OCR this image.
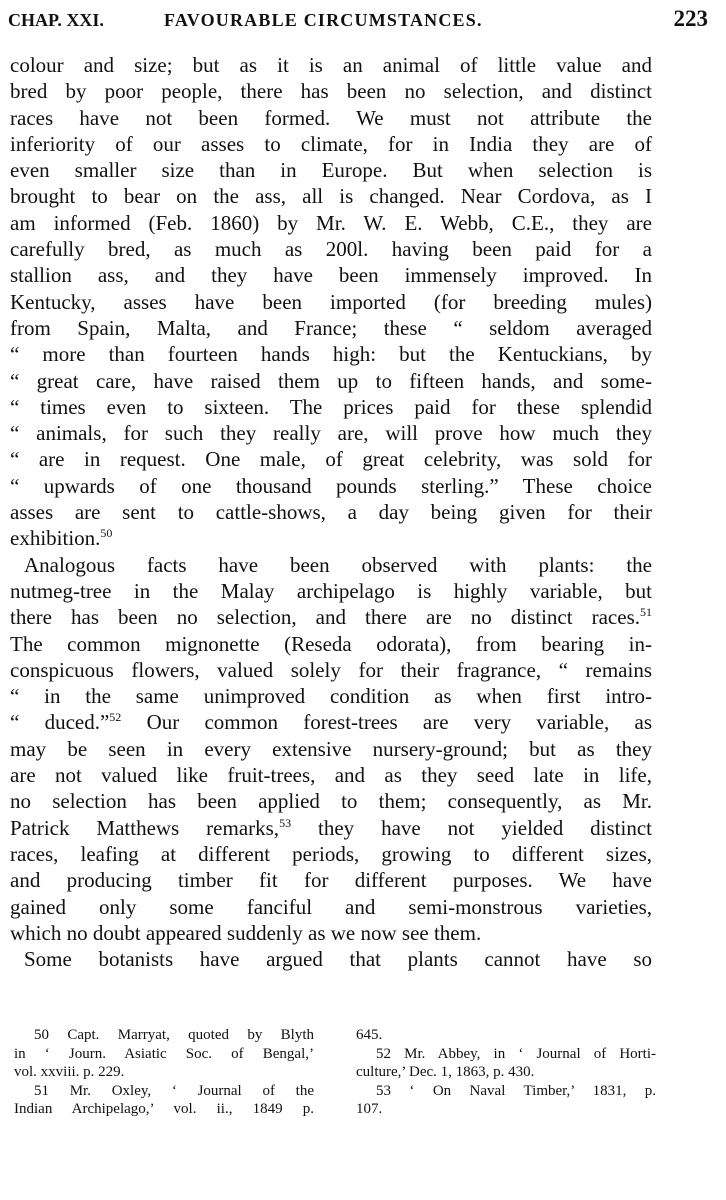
CHAP. XXI.	FAVOURABLE CIRCUMSTANCES.	223
colour and size; but as it is an animal of little value and
bred by poor people, there has been no selection, and distinct
races have not been formed. We must not attribute the
inferiority of our asses to climate, for in India they are of
even smaller size than in Europe. But when selection is
brought to bear on the ass, all is changed. Near Cordova, as I
am informed (Feb. 1860) by Mr. W. E. Webb, C.E., they are
carefully bred, as much as 200l. having been paid for a
stallion ass, and they have been immensely improved. In
Kentucky, asses have been imported (for breeding mules)
from Spain, Malta, and France; these “ seldom averaged
“ more than fourteen hands high: but the Kentuckians, by
“ great care, have raised them up to fifteen hands, and some-
“ times even to sixteen. The prices paid for these splendid
“ animals, for such they really are, will prove how much they
“ are in request. One male, of great celebrity, was sold for
“ upwards of one thousand pounds sterling.” These choice
asses are sent to cattle-shows, a day being given for their
exhibition.$^{50}$
Analogous facts have been observed with plants: the
nutmeg-tree in the Malay archipelago is highly variable, but
there has been no selection, and there are no distinct races.$^{51}$
The common mignonette (Reseda odorata), from bearing in-
conspicuous flowers, valued solely for their fragrance, “ remains
“ in the same unimproved condition as when first intro-
“ duced.”$^{52}$ Our common forest-trees are very variable, as
may be seen in every extensive nursery-ground; but as they
are not valued like fruit-trees, and as they seed late in life,
no selection has been applied to them; consequently, as Mr.
Patrick Matthews remarks,$^{53}$ they have not yielded distinct
races, leafing at different periods, growing to different sizes,
and producing timber fit for different purposes. We have
gained only some fanciful and semi-monstrous varieties,
which no doubt appeared suddenly as we now see them.
Some botanists have argued that plants cannot have so
50 Capt. Marryat, quoted by Blyth
in ‘ Journ. Asiatic Soc. of Bengal,’
vol. xxviii. p. 229.
51 Mr. Oxley, ‘ Journal of the
Indian Archipelago,’ vol. ii., 1849 p.
645.
52 Mr. Abbey, in ‘ Journal of Horti-
culture,’ Dec. 1, 1863, p. 430.
53 ‘ On Naval Timber,’ 1831, p.
107.
